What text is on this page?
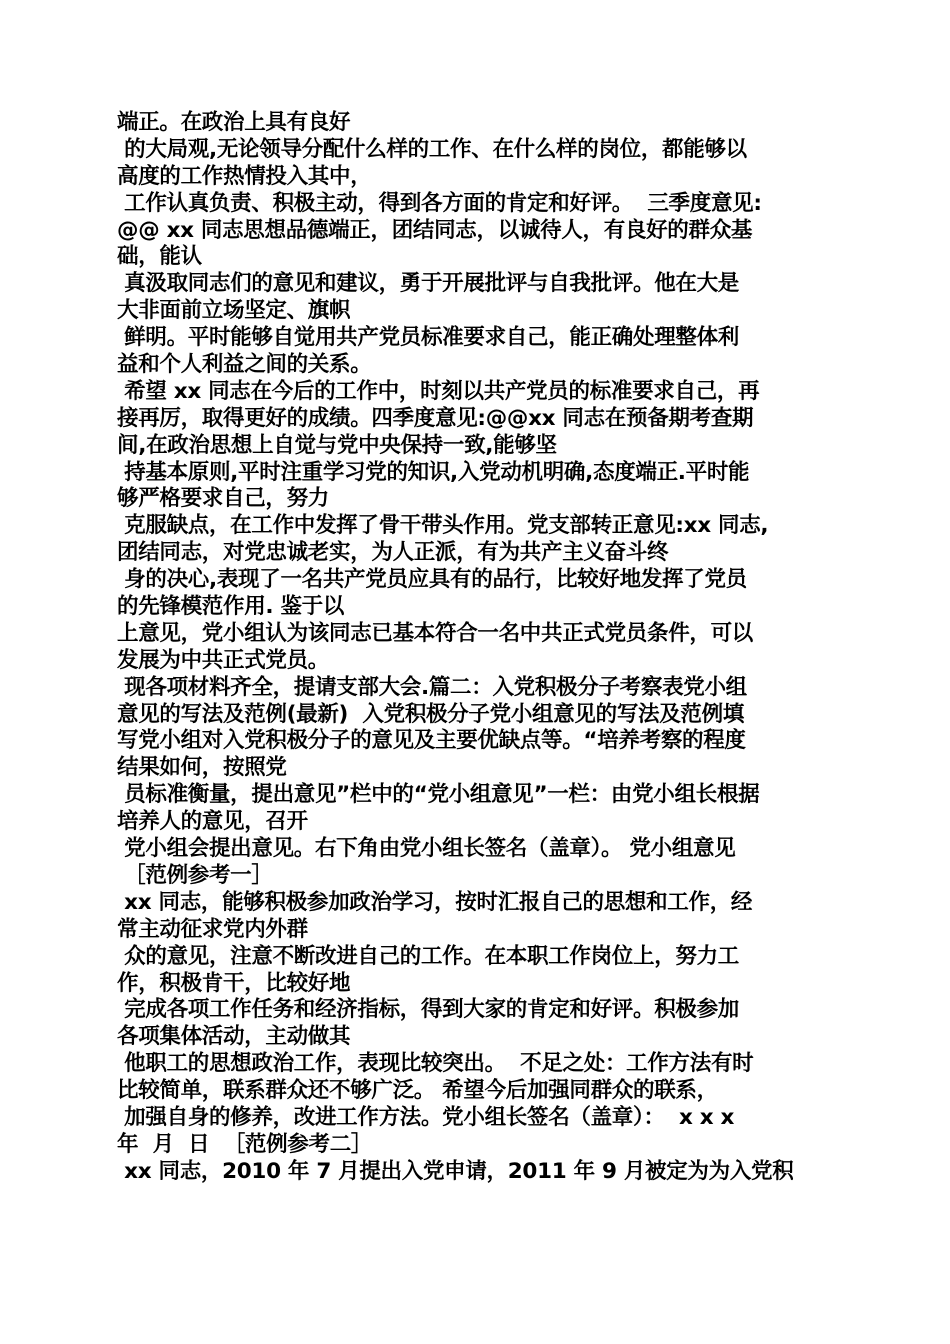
端正。在政治上具有良好
的大局观,无论领导分配什么样的工作、在什么样的岗位，都能够以
高度的工作热情投入其中，
工作认真负责、积极主动，得到各方面的肯定和好评。  三季度意见:
@@ xx 同志思想品德端正，团结同志，以诚待人，有良好的群众基
础，能认
真汲取同志们的意见和建议，勇于开展批评与自我批评。他在大是
大非面前立场坚定、旗帜
鲜明。平时能够自觉用共产党员标准要求自己，能正确处理整体利
益和个人利益之间的关系。
希望 xx 同志在今后的工作中，时刻以共产党员的标准要求自己，再
接再厉，取得更好的成绩。四季度意见:@@xx 同志在预备期考查期
间,在政治思想上自觉与党中央保持一致,能够坚
持基本原则,平时注重学习党的知识,入党动机明确,态度端正.平时能
够严格要求自己，努力
克服缺点，在工作中发挥了骨干带头作用。党支部转正意见:xx 同志,
团结同志，对党忠诚老实，为人正派，有为共产主义奋斗终
身的决心,表现了一名共产党员应具有的品行，比较好地发挥了党员
的先锋模范作用. 鉴于以
上意见，党小组认为该同志已基本符合一名中共正式党员条件，可以
发展为中共正式党员。
现各项材料齐全，提请支部大会.篇二：入党积极分子考察表党小组
意见的写法及范例(最新)  入党积极分子党小组意见的写法及范例填
写党小组对入党积极分子的意见及主要优缺点等。“培养考察的程度
结果如何，按照党
员标准衡量，提出意见”栏中的“党小组意见”一栏：由党小组长根据
培养人的意见，召开
党小组会提出意见。右下角由党小组长签名（盖章）。 党小组意见
［范例参考一］
xx 同志，能够积极参加政治学习，按时汇报自己的思想和工作，经
常主动征求党内外群
众的意见，注意不断改进自己的工作。在本职工作岗位上，努力工
作，积极肯干，比较好地
完成各项工作任务和经济指标，得到大家的肯定和好评。积极参加
各项集体活动，主动做其
他职工的思想政治工作，表现比较突出。  不足之处：工作方法有时
比较简单，联系群众还不够广泛。 希望今后加强同群众的联系，
加强自身的修养，改进工作方法。党小组长签名（盖章）：  x x x
年  月  日  ［范例参考二］
xx 同志，2010 年 7 月提出入党申请，2011 年 9 月被定为为入党积
